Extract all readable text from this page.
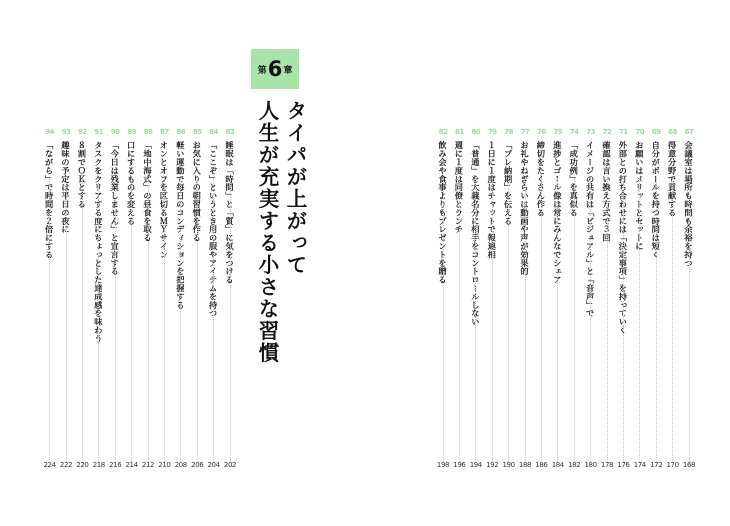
第 6 章
タイパが上がって
人生が充実する小さな習慣
83
睡眠は「時間」と「質」に気をつける
202
84
「ここぞ」というとき用の服やアイテムを持つ
204
85
お気に入りの朝習慣を作る
206
86
軽い運動で毎日のコンディションを把握する
208
87
オンとオフを区切るＭＹサイン
210
88
「地中海式」の昼食を取る
212
89
口にするものを変える
214
90
「今日は残業しません」と宣言する
216
91
タスクをクリアする度にちょっとした達成感を味わう
218
92
８割でＯＫとする
220
93
趣味の予定は平日の夜に
222
94
「ながら」で時間を２倍にする
224
67
会議室は場所も時間も余裕を持つ
168
68
得意分野で貢献する
170
69
自分がボールを持つ時間は短く
172
70
お願いはメリットとセットに
174
71
外部との打ち合わせには「決定事項」を持っていく
176
72
確認は言い換え方式で３回
178
73
イメージの共有は「ビジュアル」と「音声」で
180
74
「成功例」を真似る
182
75
進捗とゴール像は常にみんなでシェア
184
76
締切をたくさん作る
186
77
お礼やねぎらいは動画や声が効果的
188
78
「プレ納期」を伝える
190
79
１日に１度はチャットで報連相
192
80
「普通」を大義名分に相手をコントロールしない
194
81
週に１度は同僚とランチ
196
82
飲み会や食事よりもプレゼントを贈る
198
